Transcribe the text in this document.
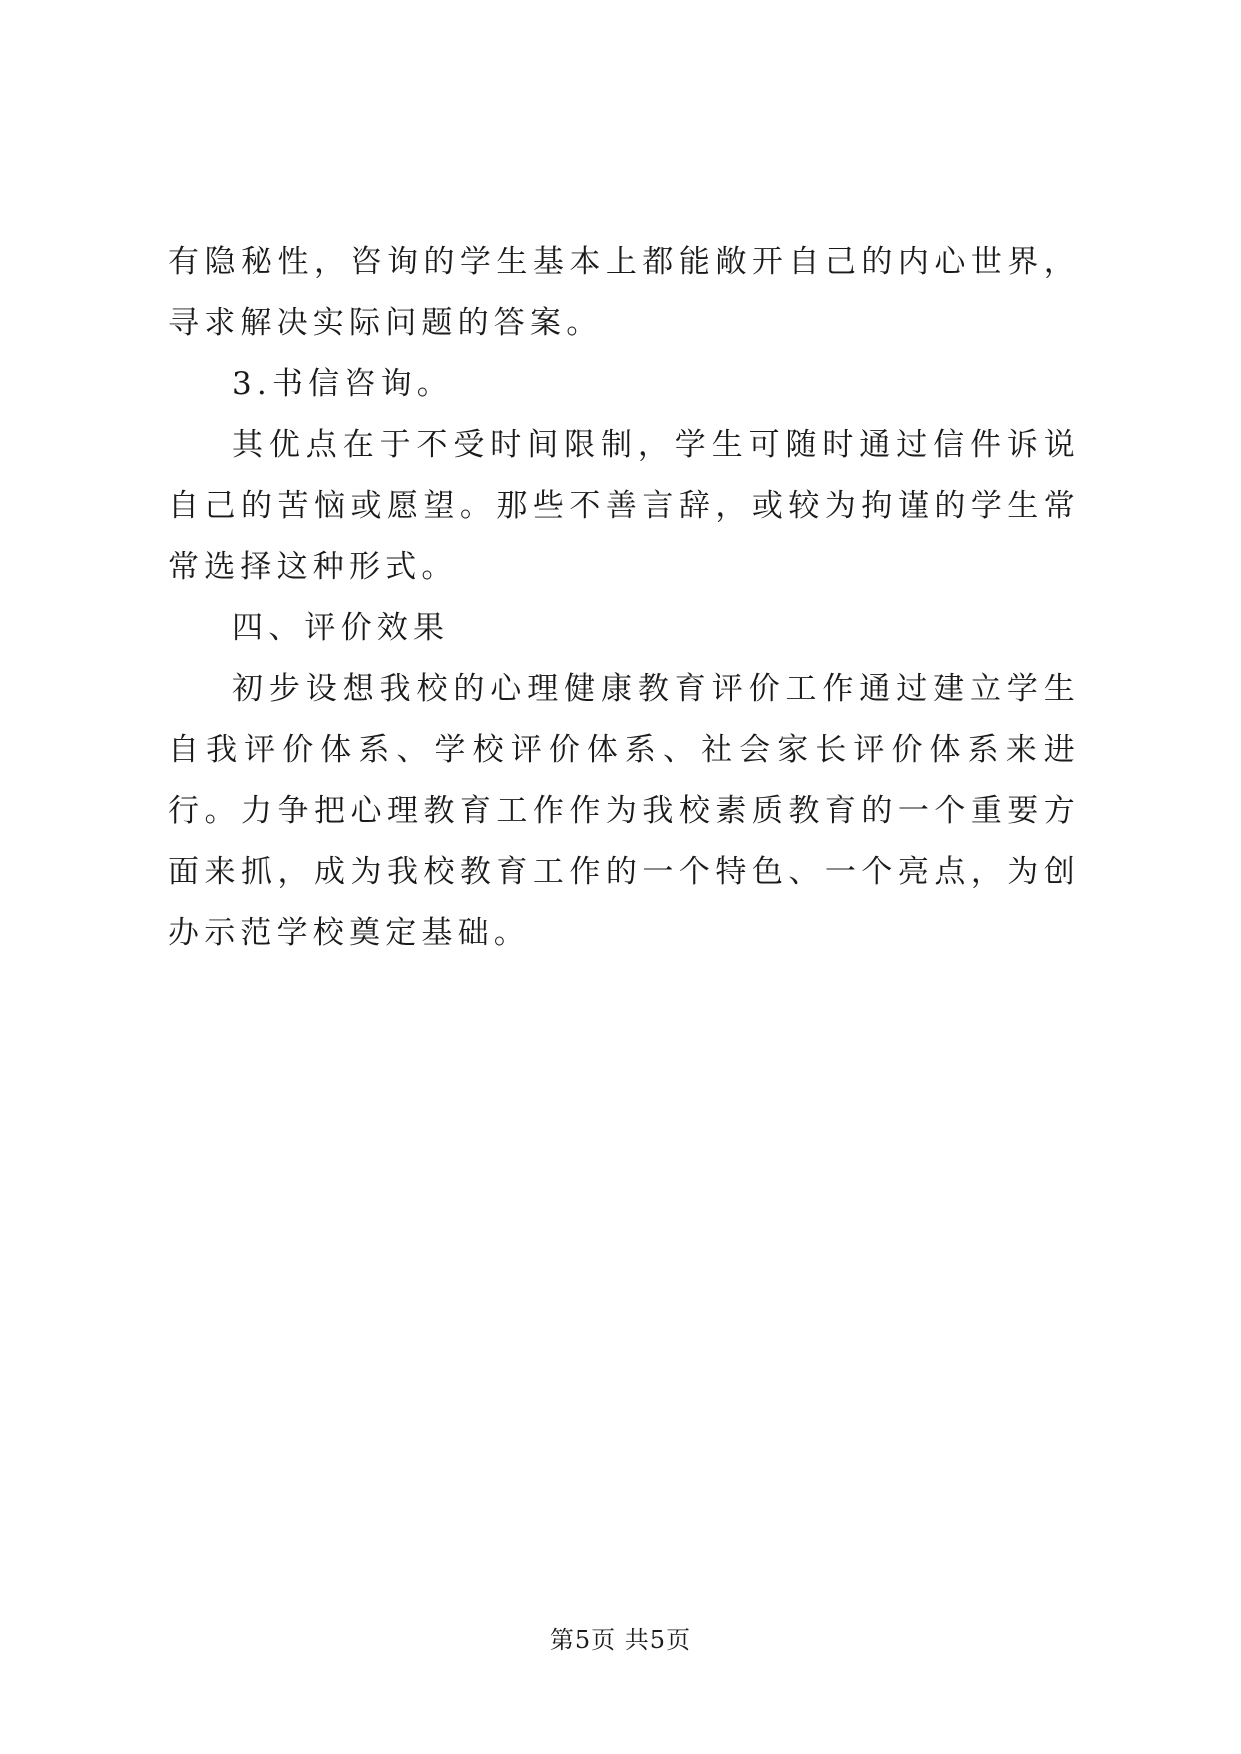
有隐秘性，咨询的学生基本上都能敞开自己的内心世界，寻求解决实际问题的答案。

3.书信咨询。

其优点在于不受时间限制，学生可随时通过信件诉说自己的苦恼或愿望。那些不善言辞，或较为拘谨的学生常常选择这种形式。

四、评价效果

初步设想我校的心理健康教育评价工作通过建立学生自我评价体系、学校评价体系、社会家长评价体系来进行。力争把心理教育工作作为我校素质教育的一个重要方面来抓，成为我校教育工作的一个特色、一个亮点，为创办示范学校奠定基础。

第5页 共5页
